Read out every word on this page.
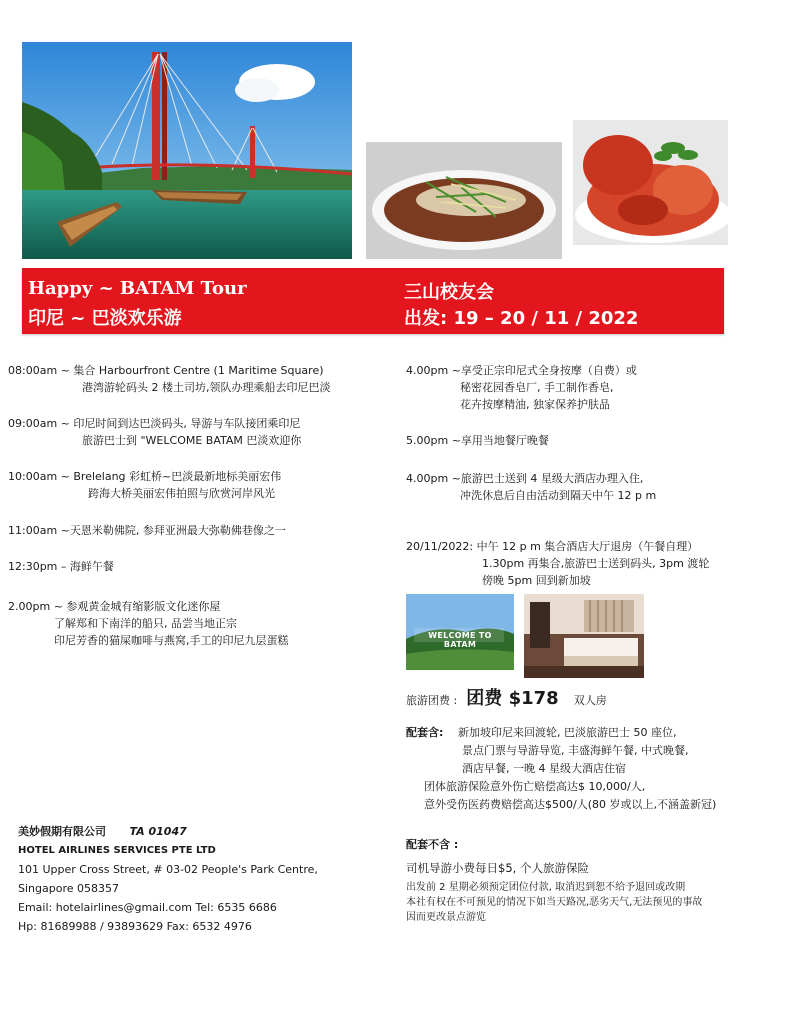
Happy ~ BATAM Tour
印尼 ~ 巴淡欢乐游
三山校友会
出发: 19 – 20 / 11 / 2022
08:00am ~ 集合 Harbourfront Centre (1 Maritime Square)
港湾游轮码头 2 楼土司坊,领队办理乘船去印尼巴淡
09:00am ~ 印尼时间到达巴淡码头, 导游与车队接团乘印尼
旅游巴士到 "WELCOME BATAM 巴淡欢迎你
10:00am ~ Brelelang 彩虹桥~巴淡最新地标美丽宏伟
跨海大桥美丽宏伟拍照与欣赏河岸风光
11:00am ~天恩米勒佛院, 参拜亚洲最大弥勒佛巷像之一
12:30pm – 海鲜午餐
2.00pm ~ 参观黄金城有缩影版文化迷你屋
了解郑和下南洋的船只, 品尝当地正宗
印尼芳香的猫屎咖啡与燕窝,手工的印尼九层蛋糕
4.00pm ~享受正宗印尼式全身按摩（自费）或
秘密花园香皂厂, 手工制作香皂,
花卉按摩精油, 独家保养护肤品
5.00pm ~享用当地餐厅晚餐
4.00pm ~旅游巴士送到 4 星级大酒店办理入住,
冲洗休息后自由活动到隔天中午 12 p m
20/11/2022: 中午 12 p m 集合酒店大厅退房（午餐自理）
1.30pm 再集合,旅游巴士送到码头, 3pm 渡轮
傍晚 5pm 回到新加坡
WELCOME TO BATAM
旅游团费 : 团费 $178 双人房
配套含: 新加坡印尼来回渡轮, 巴淡旅游巴士 50 座位,
景点门票与导游导览, 丰盛海鲜午餐, 中式晚餐,
酒店早餐, 一晚 4 星级大酒店住宿
团体旅游保险意外伤亡赔偿高达$ 10,000/人,
意外受伤医药费赔偿高达$500/人(80 岁或以上,不涵盖新冠)
配套不含 :
司机导游小费每日$5, 个人旅游保险
出发前 2 星期必须预定团位付款, 取消迟到恕不给予退回或改期
本社有权在不可预见的情况下如当天路况,恶劣天气,无法预见的事故
因而更改景点游览
美妙假期有限公司 TA 01047
HOTEL AIRLINES SERVICES PTE LTD
101 Upper Cross Street, # 03-02 People's Park Centre,
Singapore 058357
Email: hotelairlines@gmail.com Tel: 6535 6686
Hp: 81689988 / 93893629 Fax: 6532 4976
